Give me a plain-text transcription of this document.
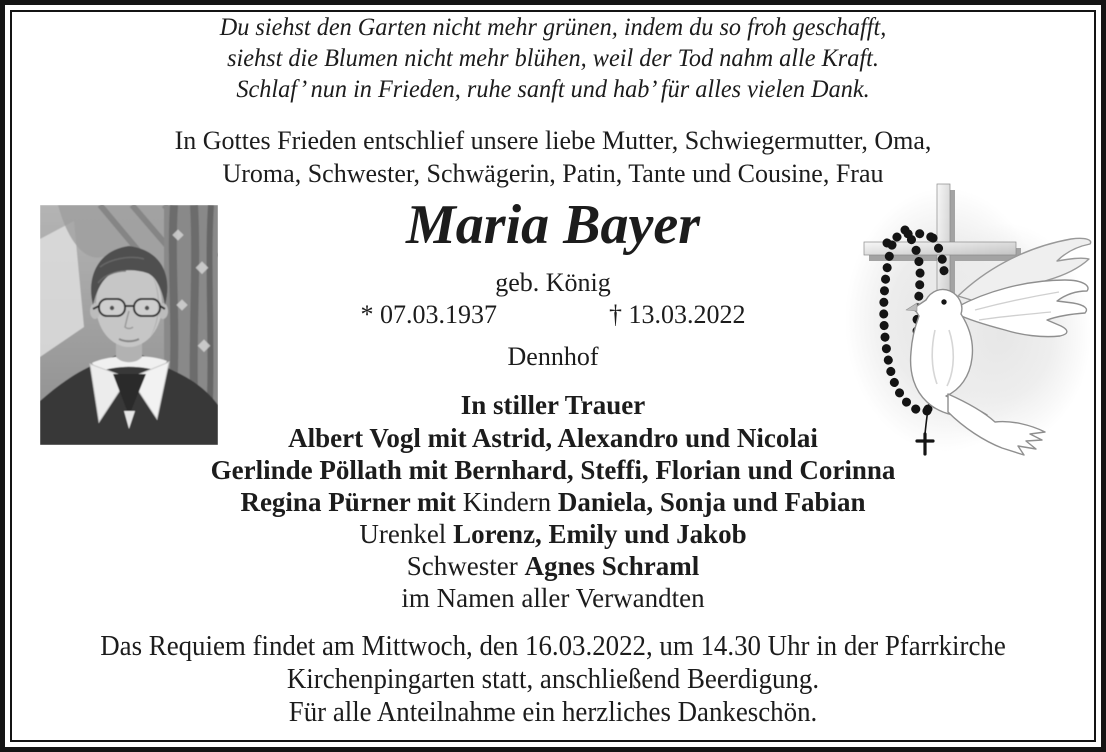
Du siehst den Garten nicht mehr grünen, indem du so froh geschafft,
siehst die Blumen nicht mehr blühen, weil der Tod nahm alle Kraft.
Schlaf’ nun in Frieden, ruhe sanft und hab’ für alles vielen Dank.
In Gottes Frieden entschlief unsere liebe Mutter, Schwiegermutter, Oma,
Uroma, Schwester, Schwägerin, Patin, Tante und Cousine, Frau
Maria Bayer
geb. König
* 07.03.1937	† 13.03.2022
Dennhof
In stiller Trauer
Albert Vogl mit Astrid, Alexandro und Nicolai
Gerlinde Pöllath mit Bernhard, Steffi, Florian und Corinna
Regina Pürner mit Kindern Daniela, Sonja und Fabian
Urenkel Lorenz, Emily und Jakob
Schwester Agnes Schraml
im Namen aller Verwandten
Das Requiem findet am Mittwoch, den 16.03.2022, um 14.30 Uhr in der Pfarrkirche
Kirchenpingarten statt, anschließend Beerdigung.
Für alle Anteilnahme ein herzliches Dankeschön.
